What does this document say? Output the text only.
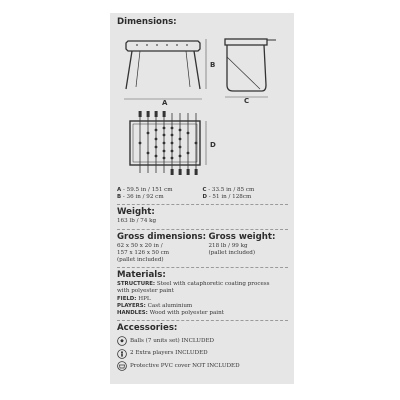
Dimensions:
B
C
A
D
A - 59.5 in / 151 cm
B - 36 in / 92 cm
C - 33.5 in / 85 cm
D - 51 in / 128cm
Weight:
163 lb / 74 kg
Gross dimensions:
62 x 50 x 20 in /
157 x 126 x 50 cm
(pallet included)
Gross weight:
218 lb / 99 kg
(pallet included)
Materials:
STRUCTURE: Steel with cataphoretic coating process
with polyester paint
FIELD: HPL
PLAYERS: Cast aluminium
HANDLES: Wood with polyester paint
Accessories:
Balls (7 units set) INCLUDED
2 Extra players INCLUDED
Protective PVC cover NOT INCLUDED
